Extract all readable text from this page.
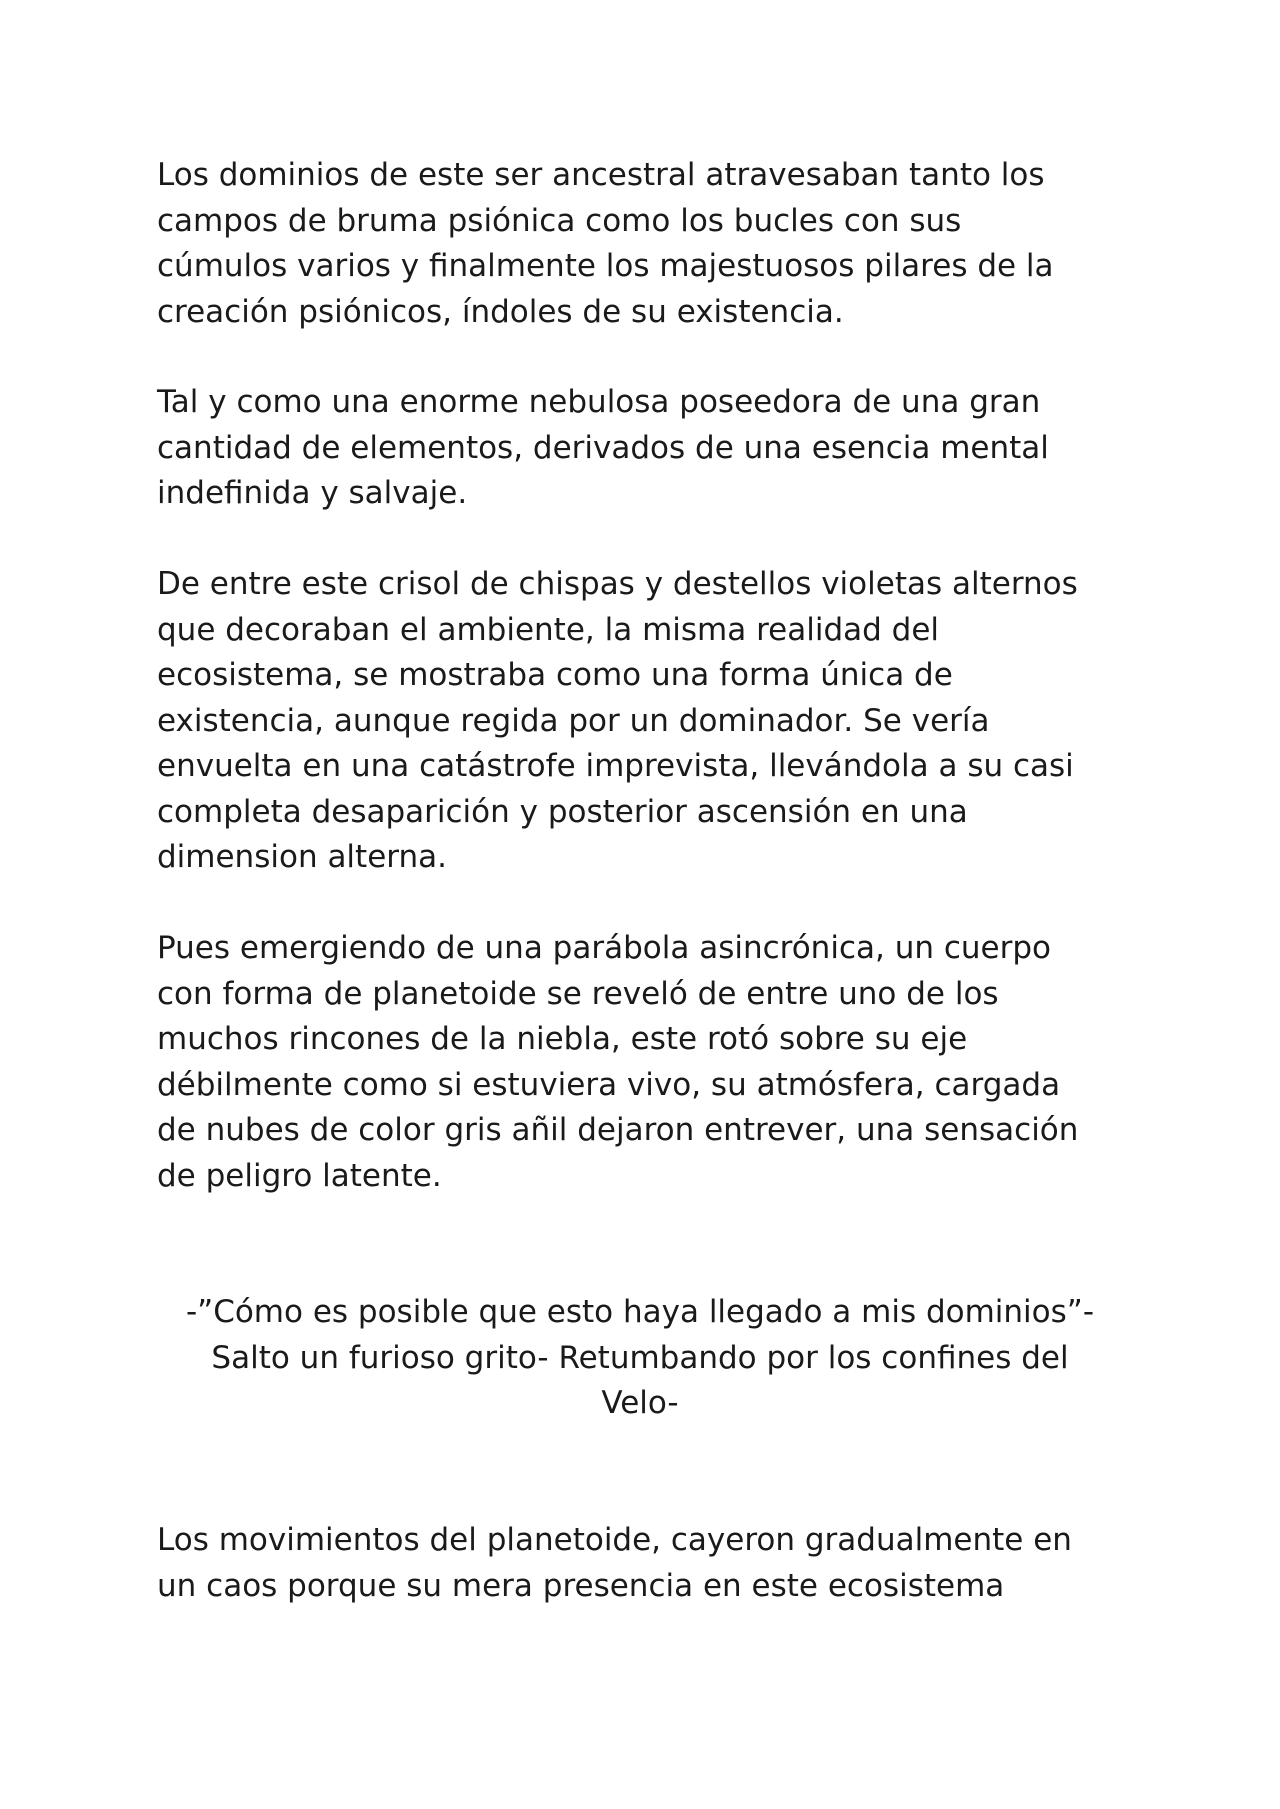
Los dominios de este ser ancestral atravesaban tanto los
campos de bruma psiónica como los bucles con sus
cúmulos varios y finalmente los majestuosos pilares de la
creación psiónicos, índoles de su existencia.

Tal y como una enorme nebulosa poseedora de una gran
cantidad de elementos, derivados de una esencia mental
indefinida y salvaje.

De entre este crisol de chispas y destellos violetas alternos
que decoraban el ambiente, la misma realidad del
ecosistema, se mostraba como una forma única de
existencia, aunque regida por un dominador. Se vería
envuelta en una catástrofe imprevista, llevándola a su casi
completa desaparición y posterior ascensión en una
dimension alterna.

Pues emergiendo de una parábola asincrónica, un cuerpo
con forma de planetoide se reveló de entre uno de los
muchos rincones de la niebla, este rotó sobre su eje
débilmente como si estuviera vivo, su atmósfera, cargada
de nubes de color gris añil dejaron entrever, una sensación
de peligro latente.

-”Cómo es posible que esto haya llegado a mis dominios”-
Salto un furioso grito- Retumbando por los confines del
Velo-

Los movimientos del planetoide, cayeron gradualmente en
un caos porque su mera presencia en este ecosistema
